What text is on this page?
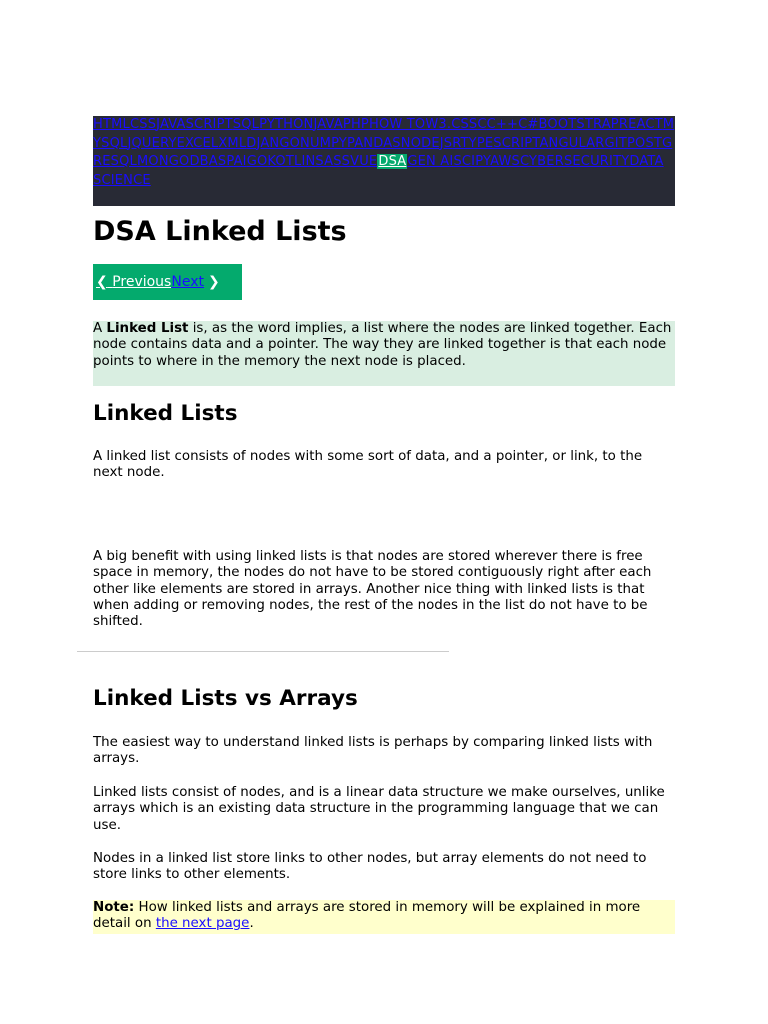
HTMLCSSJAVASCRIPTSQLPYTHONJAVAPHPHOW TOW3.CSSCC++C#BOOTSTRAPREACTMYSQLJQUERYEXCELXMLDJANGONUMPYPANDASNODEJSRTYPESCRIPTANGULARGITPOSTGRESQLMONGODBASPAIGOKOTLINSASSVUEDSAGEN AISCIPYAWSCYBERSECURITYDATA SCIENCE
DSA Linked Lists
❮ Previous Next ❯
A Linked List is, as the word implies, a list where the nodes are linked together. Each node contains data and a pointer. The way they are linked together is that each node points to where in the memory the next node is placed.
Linked Lists

A linked list consists of nodes with some sort of data, and a pointer, or link, to the next node.

A big benefit with using linked lists is that nodes are stored wherever there is free space in memory, the nodes do not have to be stored contiguously right after each other like elements are stored in arrays. Another nice thing with linked lists is that when adding or removing nodes, the rest of the nodes in the list do not have to be shifted.

Linked Lists vs Arrays

The easiest way to understand linked lists is perhaps by comparing linked lists with arrays.

Linked lists consist of nodes, and is a linear data structure we make ourselves, unlike arrays which is an existing data structure in the programming language that we can use.

Nodes in a linked list store links to other nodes, but array elements do not need to store links to other elements.

Note: How linked lists and arrays are stored in memory will be explained in more detail on the next page.
